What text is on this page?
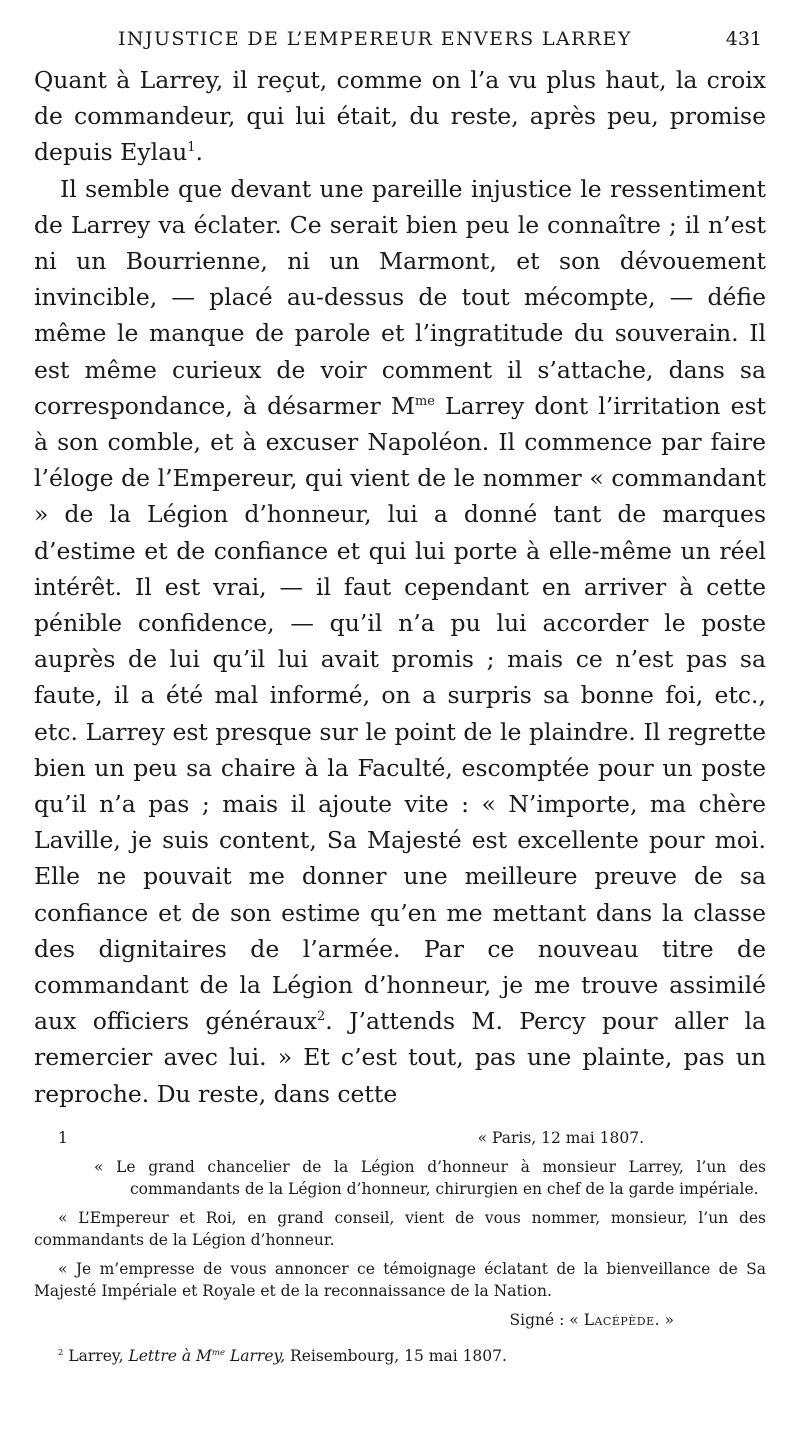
INJUSTICE DE L’EMPEREUR ENVERS LARREY	431

Quant à Larrey, il reçut, comme on l’a vu plus haut, la croix de commandeur, qui lui était, du reste, après peu, promise depuis Eylau$^1$.

Il semble que devant une pareille injustice le ressentiment de Larrey va éclater. Ce serait bien peu le connaître ; il n’est ni un Bourrienne, ni un Marmont, et son dévouement invincible, — placé au-dessus de tout mécompte, — défie même le manque de parole et l’ingratitude du souverain. Il est même curieux de voir comment il s’attache, dans sa correspondance, à désarmer $M^{me}$ Larrey dont l’irritation est à son comble, et à excuser Napoléon. Il commence par faire l’éloge de l’Empereur, qui vient de le nommer « commandant » de la Légion d’honneur, lui a donné tant de marques d’estime et de confiance et qui lui porte à elle-même un réel intérêt. Il est vrai, — il faut cependant en arriver à cette pénible confidence, — qu’il n’a pu lui accorder le poste auprès de lui qu’il lui avait promis ; mais ce n’est pas sa faute, il a été mal informé, on a surpris sa bonne foi, etc., etc. Larrey est presque sur le point de le plaindre. Il regrette bien un peu sa chaire à la Faculté, escomptée pour un poste qu’il n’a pas ; mais il ajoute vite : « N’importe, ma chère Laville, je suis content, Sa Majesté est excellente pour moi. Elle ne pouvait me donner une meilleure preuve de sa confiance et de son estime qu’en me mettant dans la classe des dignitaires de l’armée. Par ce nouveau titre de commandant de la Légion d’honneur, je me trouve assimilé aux officiers généraux$^2$. J’attends M. Percy pour aller la remercier avec lui. » Et c’est tout, pas une plainte, pas un reproche. Du reste, dans cette

1	« Paris, 12 mai 1807.
« Le grand chancelier de la Légion d’honneur à monsieur Larrey, l’un des commandants de la Légion d’honneur, chirurgien en chef de la garde impériale.
« L’Empereur et Roi, en grand conseil, vient de vous nommer, monsieur, l’un des commandants de la Légion d’honneur.
« Je m’empresse de vous annoncer ce témoignage éclatant de la bienveillance de Sa Majesté Impériale et Royale et de la reconnaissance de la Nation.
Signé : « Lacépède. »
$^2$ Larrey, Lettre à $M^{me}$ Larrey, Reisembourg, 15 mai 1807.
